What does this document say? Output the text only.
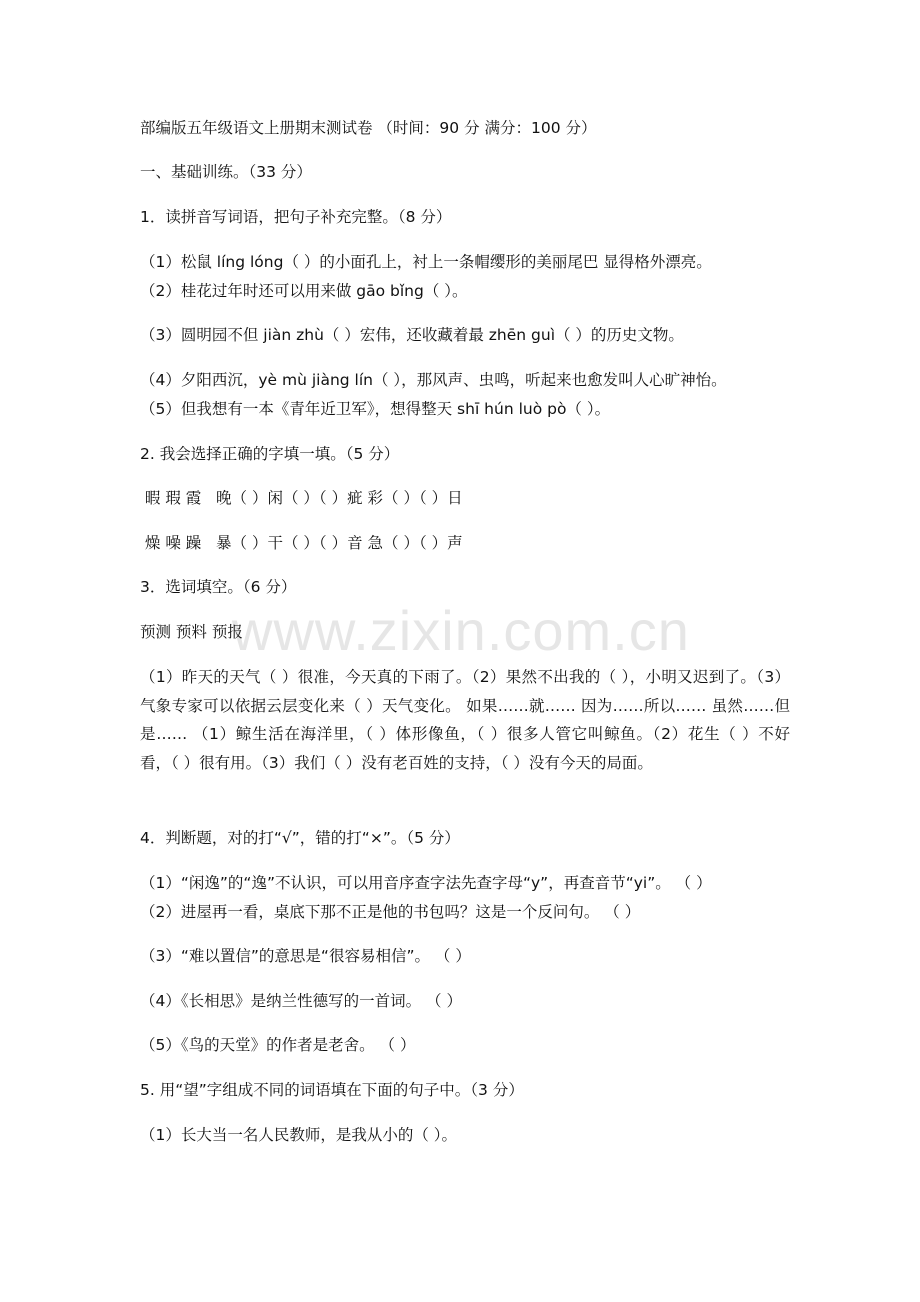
www.zixin.com.cn
部编版五年级语文上册期末测试卷 （时间：90 分 满分：100 分）
一、基础训练。（33 分）
1．读拼音写词语，把句子补充完整。（8 分）
（1）松鼠 líng lóng（ ）的小面孔上，衬上一条帽缨形的美丽尾巴 显得格外漂亮。
（2）桂花过年时还可以用来做 gāo bǐng（ ）。
（3）圆明园不但 jiàn zhù（ ）宏伟，还收藏着最 zhēn guì（ ）的历史文物。
（4）夕阳西沉，yè mù jiàng lín（ ），那风声、虫鸣，听起来也愈发叫人心旷神怡。
（5）但我想有一本《青年近卫军》，想得整天 shī hún luò pò（ ）。
2. 我会选择正确的字填一填。（5 分）
暇 瑕 霞   晚（ ）闲（ ）（ ）疵 彩（ ）（ ）日
燥 噪 躁   暴（ ）干（ ）（ ）音 急（ ）（ ）声
3．选词填空。（6 分）
预测 预料 预报
（1）昨天的天气（ ）很准，今天真的下雨了。（2）果然不出我的（ ），小明又迟到了。（3）气象专家可以依据云层变化来（ ）天气变化。 如果……就…… 因为……所以…… 虽然……但是…… （1）鲸生活在海洋里，（ ）体形像鱼，（ ）很多人管它叫鲸鱼。（2）花生（ ）不好看，（ ）很有用。（3）我们（ ）没有老百姓的支持，（ ）没有今天的局面。
4．判断题，对的打“√”，错的打“×”。（5 分）
（1）“闲逸”的“逸”不认识，可以用音序查字法先查字母“y”，再查音节“yi”。 （ ）
（2）进屋再一看，桌底下那不正是他的书包吗？这是一个反问句。 （ ）
（3）“难以置信”的意思是“很容易相信”。 （ ）
（4）《长相思》是纳兰性德写的一首词。 （ ）
（5）《鸟的天堂》的作者是老舍。 （ ）
5. 用“望”字组成不同的词语填在下面的句子中。（3 分）
（1）长大当一名人民教师，是我从小的（ ）。
